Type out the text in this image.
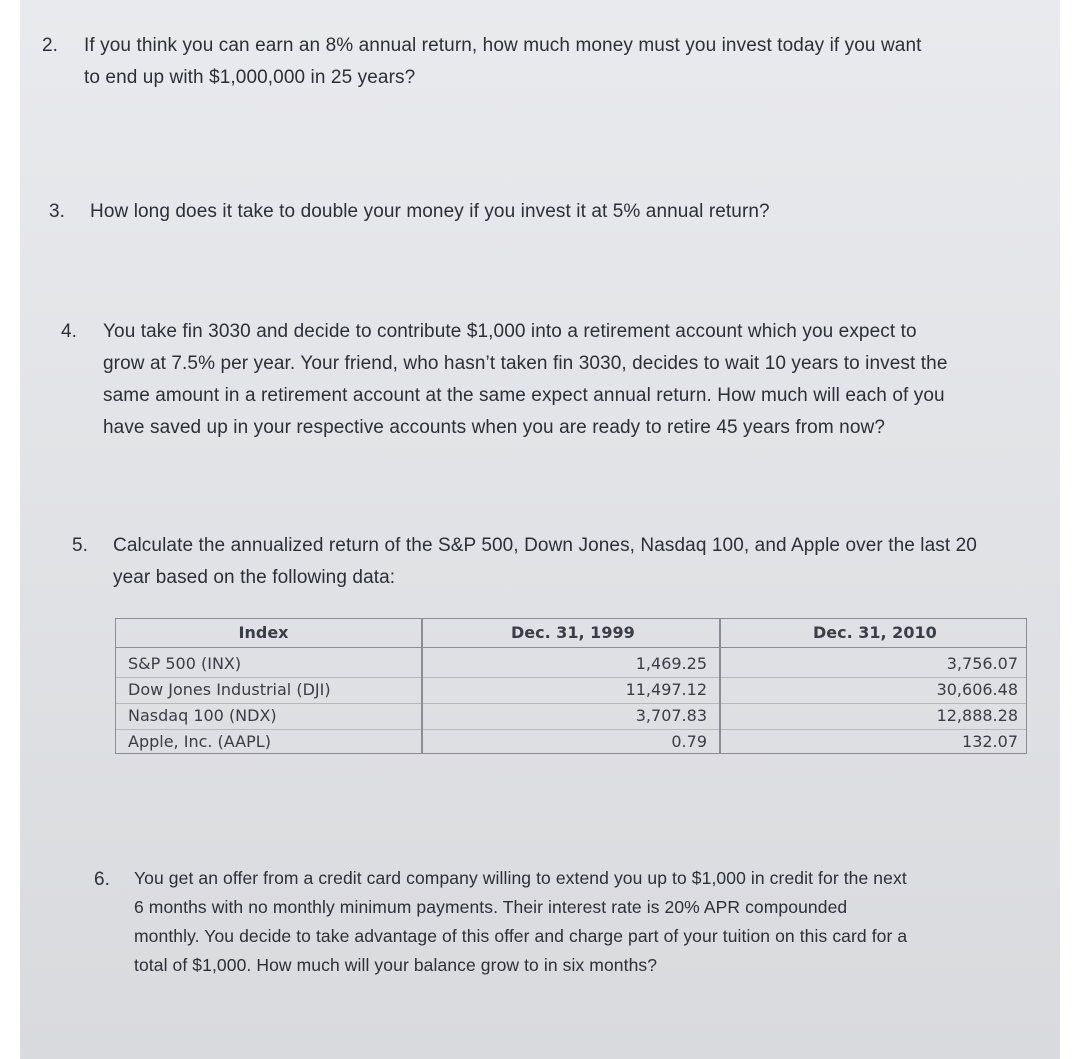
2. If you think you can earn an 8% annual return, how much money must you invest today if you want
to end up with $1,000,000 in 25 years?
3. How long does it take to double your money if you invest it at 5% annual return?
4. You take fin 3030 and decide to contribute $1,000 into a retirement account which you expect to
grow at 7.5% per year. Your friend, who hasn’t taken fin 3030, decides to wait 10 years to invest the
same amount in a retirement account at the same expect annual return. How much will each of you
have saved up in your respective accounts when you are ready to retire 45 years from now?
5. Calculate the annualized return of the S&P 500, Down Jones, Nasdaq 100, and Apple over the last 20
year based on the following data:
Index
S&P 500 (INX)
Dow Jones Industrial (DJI)
Nasdaq 100 (NDX)
Apple, Inc. (AAPL)
Dec. 31, 1999
1,469.25
11,497.12
3,707.83
0.79
Dec. 31, 2010
3,756.07
30,606.48
12,888.28
132.07
6. You get an offer from a credit card company willing to extend you up to $1,000 in credit for the next
6 months with no monthly minimum payments. Their interest rate is 20% APR compounded
monthly. You decide to take advantage of this offer and charge part of your tuition on this card for a
total of $1,000. How much will your balance grow to in six months?
